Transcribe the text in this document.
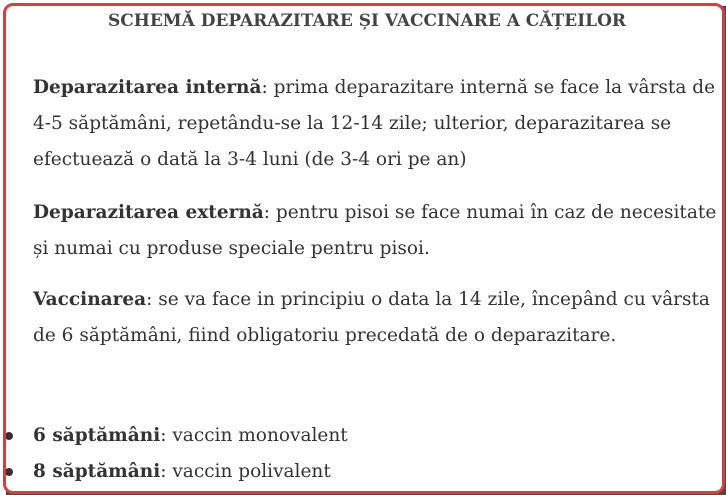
SCHEMĂ DEPARAZITARE ȘI VACCINARE A CĂȚEILOR
Deparazitarea internă: prima deparazitare internă se face la vârsta de
4-5 săptămâni, repetându-se la 12-14 zile; ulterior, deparazitarea se
efectuează o dată la 3-4 luni (de 3-4 ori pe an)
Deparazitarea externă: pentru pisoi se face numai în caz de necesitate
și numai cu produse speciale pentru pisoi.
Vaccinarea: se va face in principiu o data la 14 zile, începând cu vârsta
de 6 săptămâni, fiind obligatoriu precedată de o deparazitare.
6 săptămâni: vaccin monovalent
8 săptămâni: vaccin polivalent
